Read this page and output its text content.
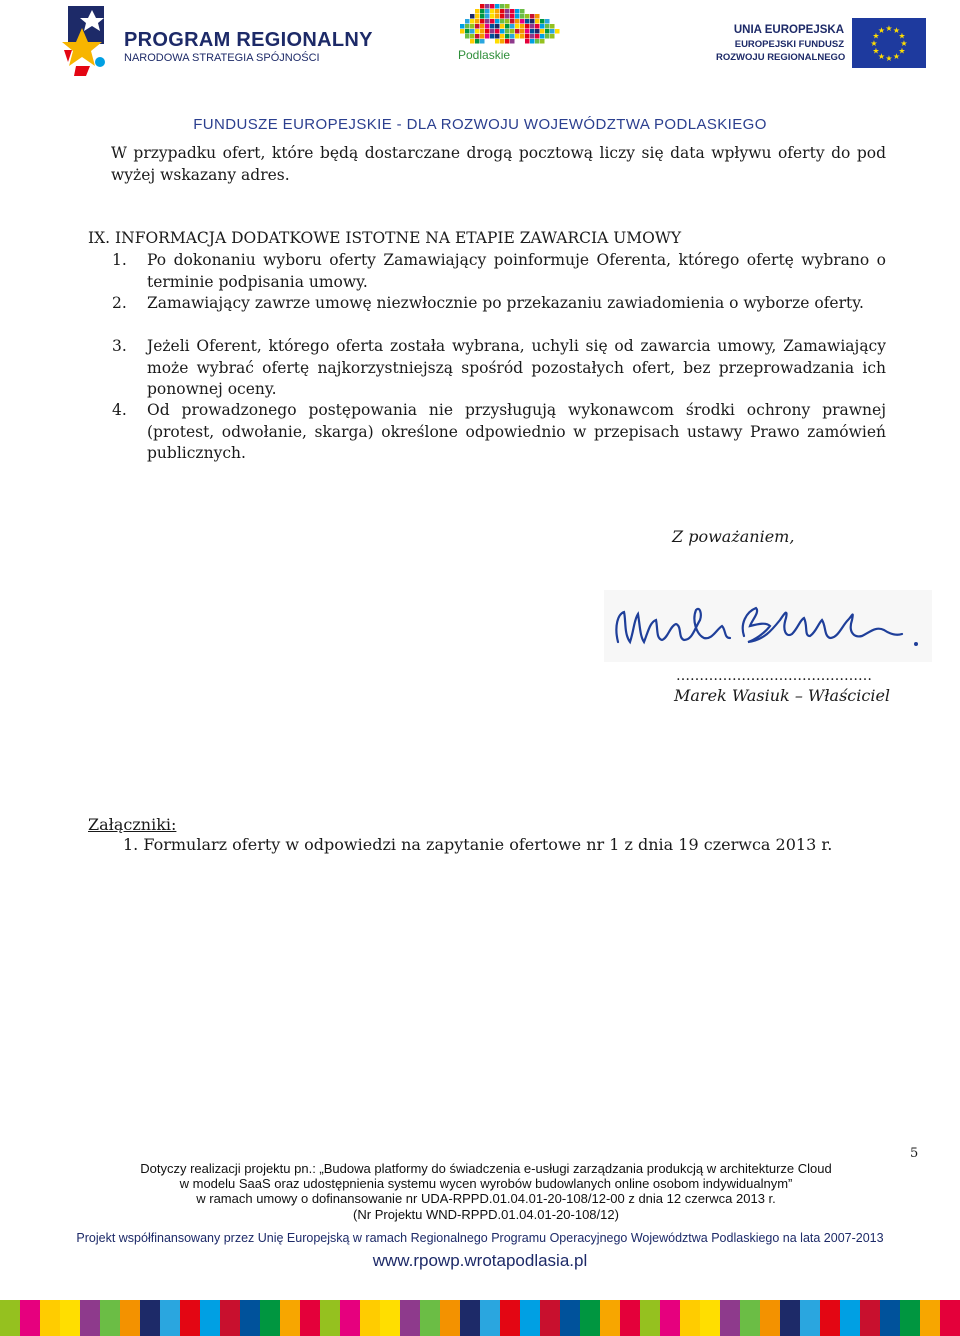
PROGRAM REGIONALNY
NARODOWA STRATEGIA SPÓJNOŚCI	Podlaskie
UNIA EUROPEJSKA
EUROPEJSKI FUNDUSZ
ROZWOJU REGIONALNEGO
★
★
★
★
★
★
★
★
★ ★ ★
★
FUNDUSZE EUROPEJSKIE - DLA ROZWOJU WOJEWÓDZTWA PODLASKIEGO
W przypadku ofert, które będą dostarczane drogą pocztową liczy się data wpływu oferty do pod wyżej wskazany adres.
IX. INFORMACJA DODATKOWE ISTOTNE NA ETAPIE ZAWARCIA UMOWY
1. Po dokonaniu wyboru oferty Zamawiający poinformuje Oferenta, którego ofertę wybrano o terminie podpisania umowy.
2. Zamawiający zawrze umowę niezwłocznie po przekazaniu zawiadomienia o wyborze oferty.
3. Jeżeli Oferent, którego oferta została wybrana, uchyli się od zawarcia umowy, Zamawiający może wybrać ofertę najkorzystniejszą spośród pozostałych ofert, bez przeprowadzania ich ponownej oceny.
4. Od prowadzonego postępowania nie przysługują wykonawcom środki ochrony prawnej (protest, odwołanie, skarga) określone odpowiednio w przepisach ustawy Prawo zamówień publicznych.
Z poważaniem,
……………………………………
Marek Wasiuk – Właściciel
Załączniki:
1. Formularz oferty w odpowiedzi na zapytanie ofertowe nr 1 z dnia 19 czerwca 2013 r.
5
Dotyczy realizacji projektu pn.: „Budowa platformy do świadczenia e-usługi zarządzania produkcją w architekturze Cloud
w modelu SaaS oraz udostępnienia systemu wycen wyrobów budowlanych online osobom indywidualnym”
w ramach umowy o dofinansowanie nr UDA-RPPD.01.04.01-20-108/12-00 z dnia 12 czerwca 2013 r.
(Nr Projektu WND-RPPD.01.04.01-20-108/12)
Projekt współfinansowany przez Unię Europejską w ramach Regionalnego Programu Operacyjnego Województwa Podlaskiego na lata 2007-2013
www.rpowp.wrotapodlasia.pl
